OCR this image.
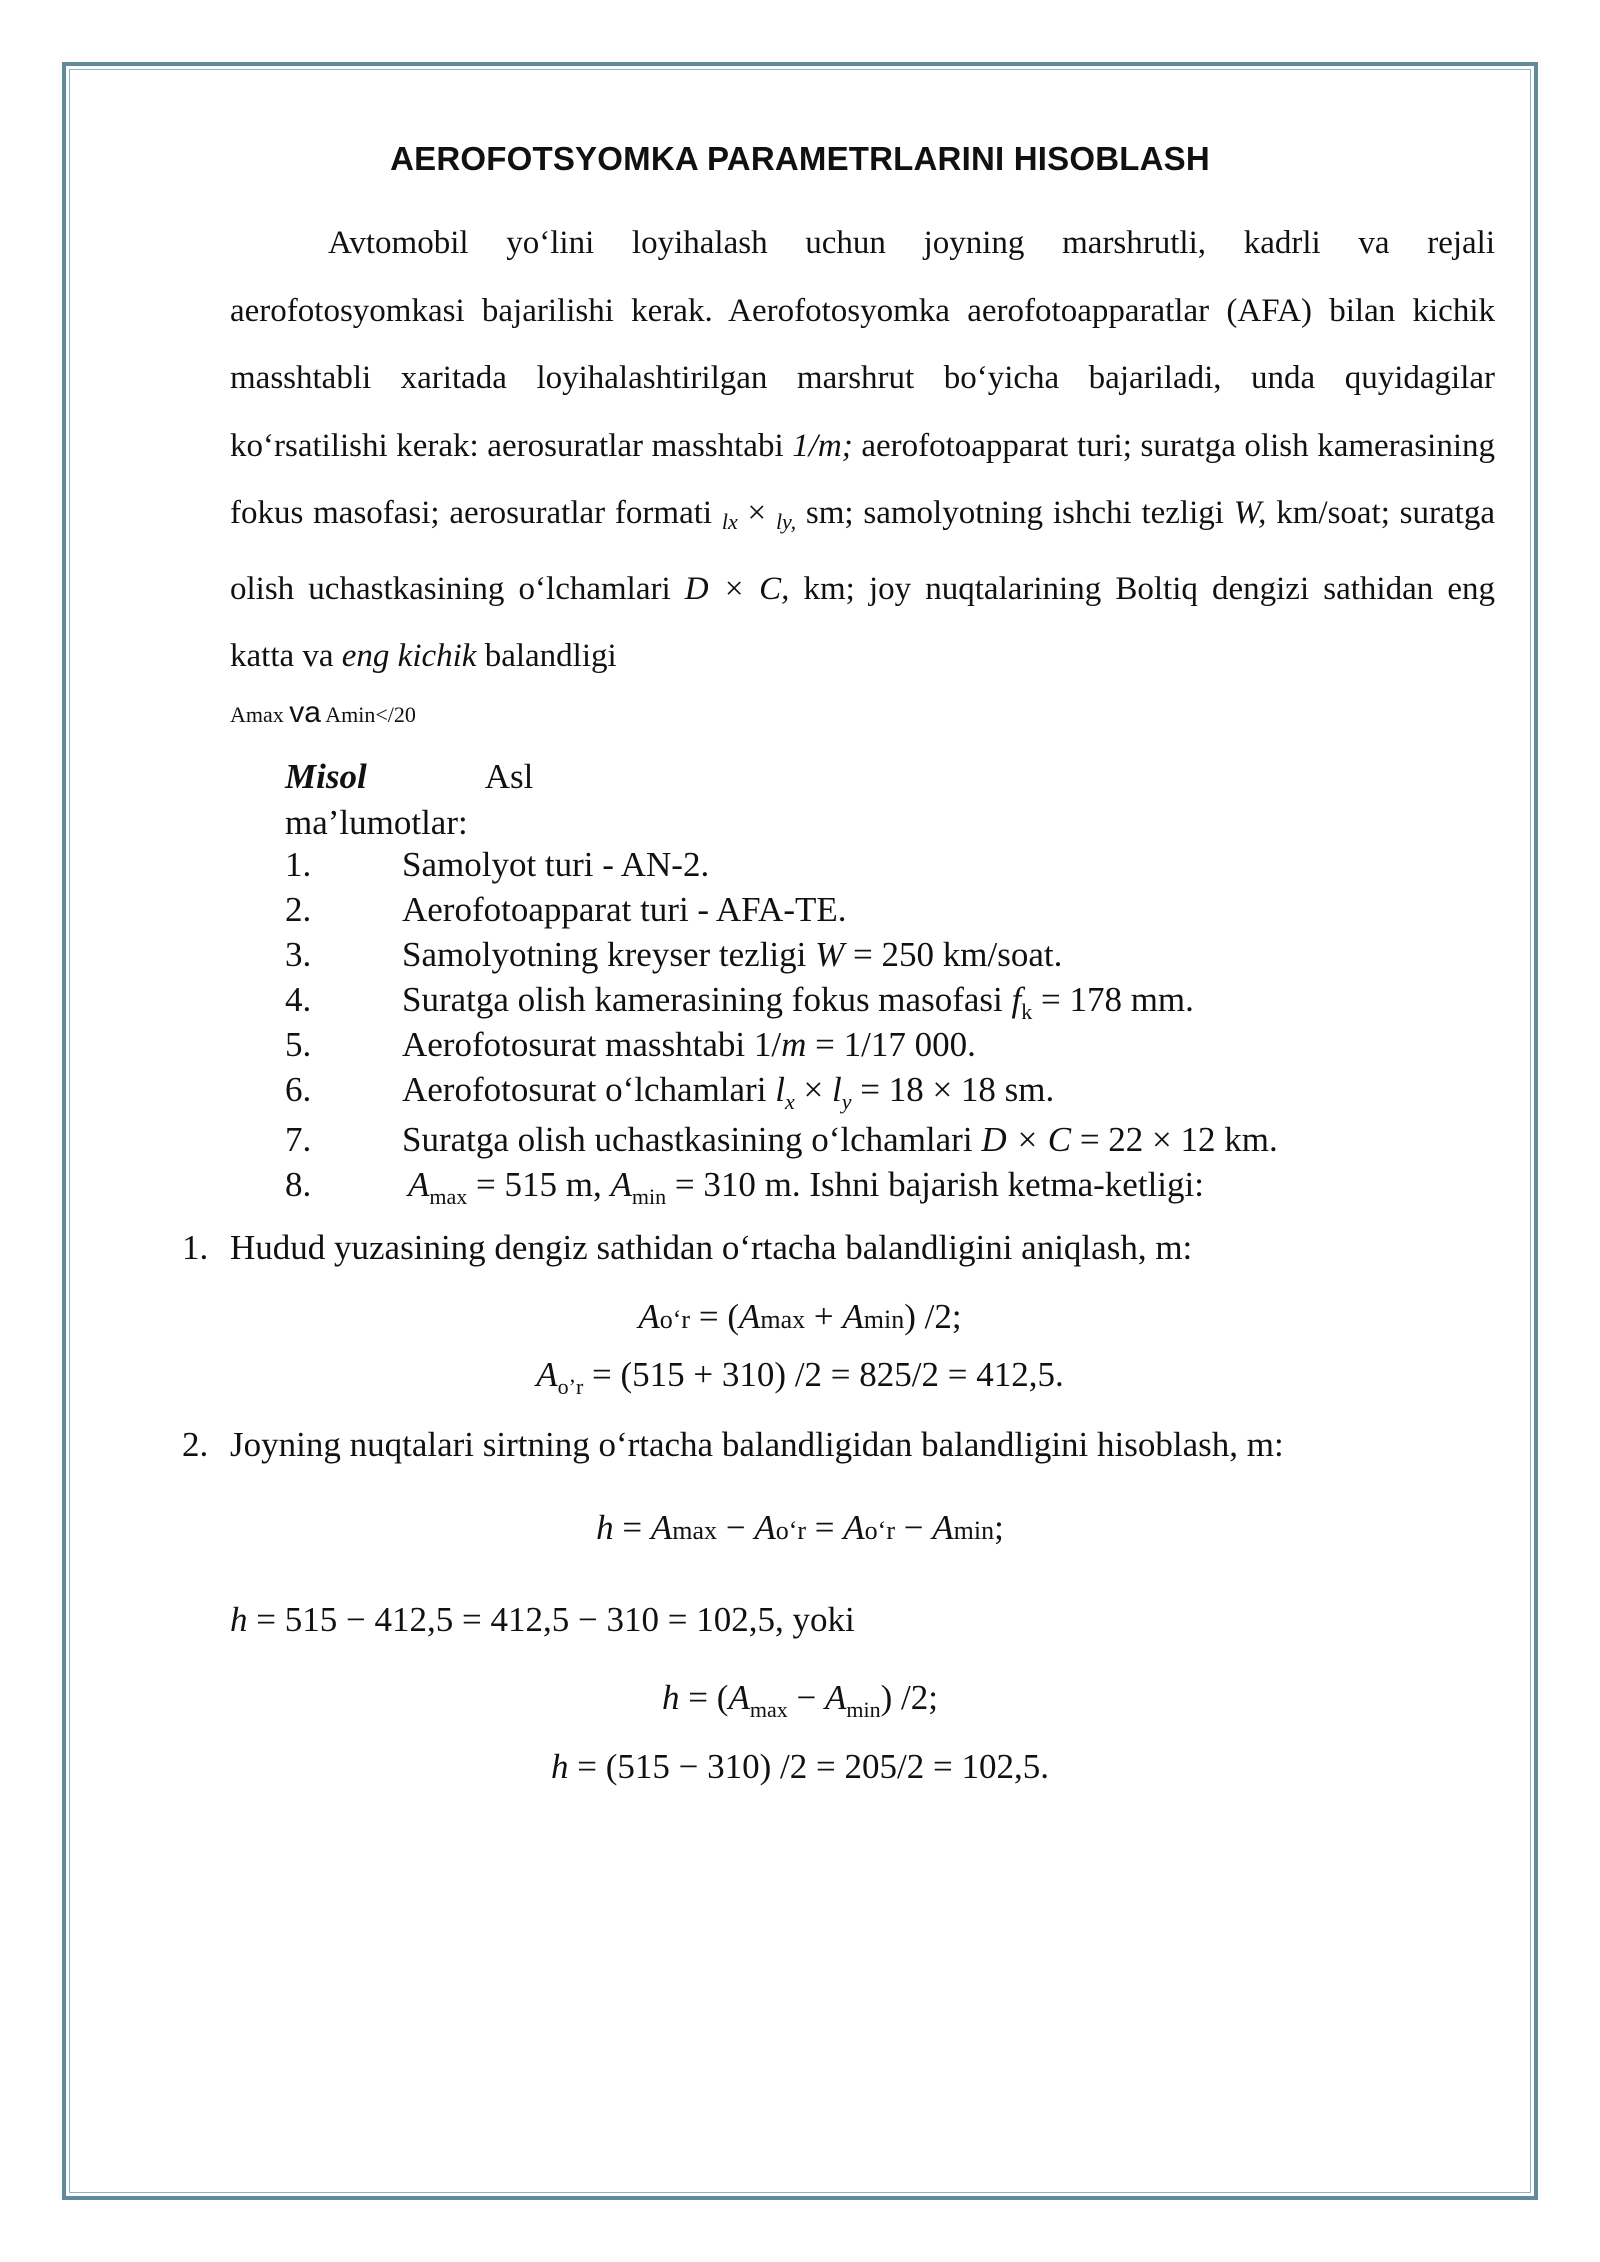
AEROFOTSYOMKA PARAMETRLARINI HISOBLASH

Avtomobil yo‘lini loyihalash uchun joyning marshrutli, kadrli va rejali aerofotosyomkasi bajarilishi kerak. Aerofotosyomka aerofotoapparatlar (AFA) bilan kichik masshtabli xaritada loyihalashtirilgan marshrut bo‘yicha bajariladi, unda quyidagilar ko‘rsatilishi kerak: aerosuratlar masshtabi 1/m; aerofotoapparat turi; suratga olish kamerasining fokus masofasi; aerosuratlar formati lx × ly, sm; samolyotning ishchi tezligi W, km/soat; suratga olish uchastkasining o‘lchamlari D × C, km; joy nuqtalarining Boltiq dengizi sathidan eng katta va eng kichik balandligi

Amax va Amin</20
Misol	Asl
ma’lumotlar:
1.	Samolyot turi - AN-2.
2.	Aerofotoapparat turi - AFA-TE.
3.	Samolyotning kreyser tezligi W = 250 km/soat.
4.	Suratga olish kamerasining fokus masofasi $f_k = 178$ mm.
5.	Aerofotosurat masshtabi 1/m = 1/17 000.
6.	Aerofotosurat o‘lchamlari $l_x \times l_y = 18 \times 18$ sm.
7.	Suratga olish uchastkasining o‘lchamlari D × C = 22 × 12 km.
8.	$A_{max} = 515$ m, $A_{min} = 310$ m. Ishni bajarish ketma-ketligi:
1. Hudud yuzasining dengiz sathidan o‘rtacha balandligini aniqlash, m:
Ao‘r = (Amax + Amin) /2;
$A_{o’r} = (515 + 310) /2 = 825/2 = 412,5$.
2. Joyning nuqtalari sirtning o‘rtacha balandligidan balandligini hisoblash, m:
h = Amax − Ao‘r = Ao‘r − Amin;
h = 515 − 412,5 = 412,5 − 310 = 102,5, yoki
$h = (A_{max} - A_{min})$ /2;
h = (515 − 310) /2 = 205/2 = 102,5.
